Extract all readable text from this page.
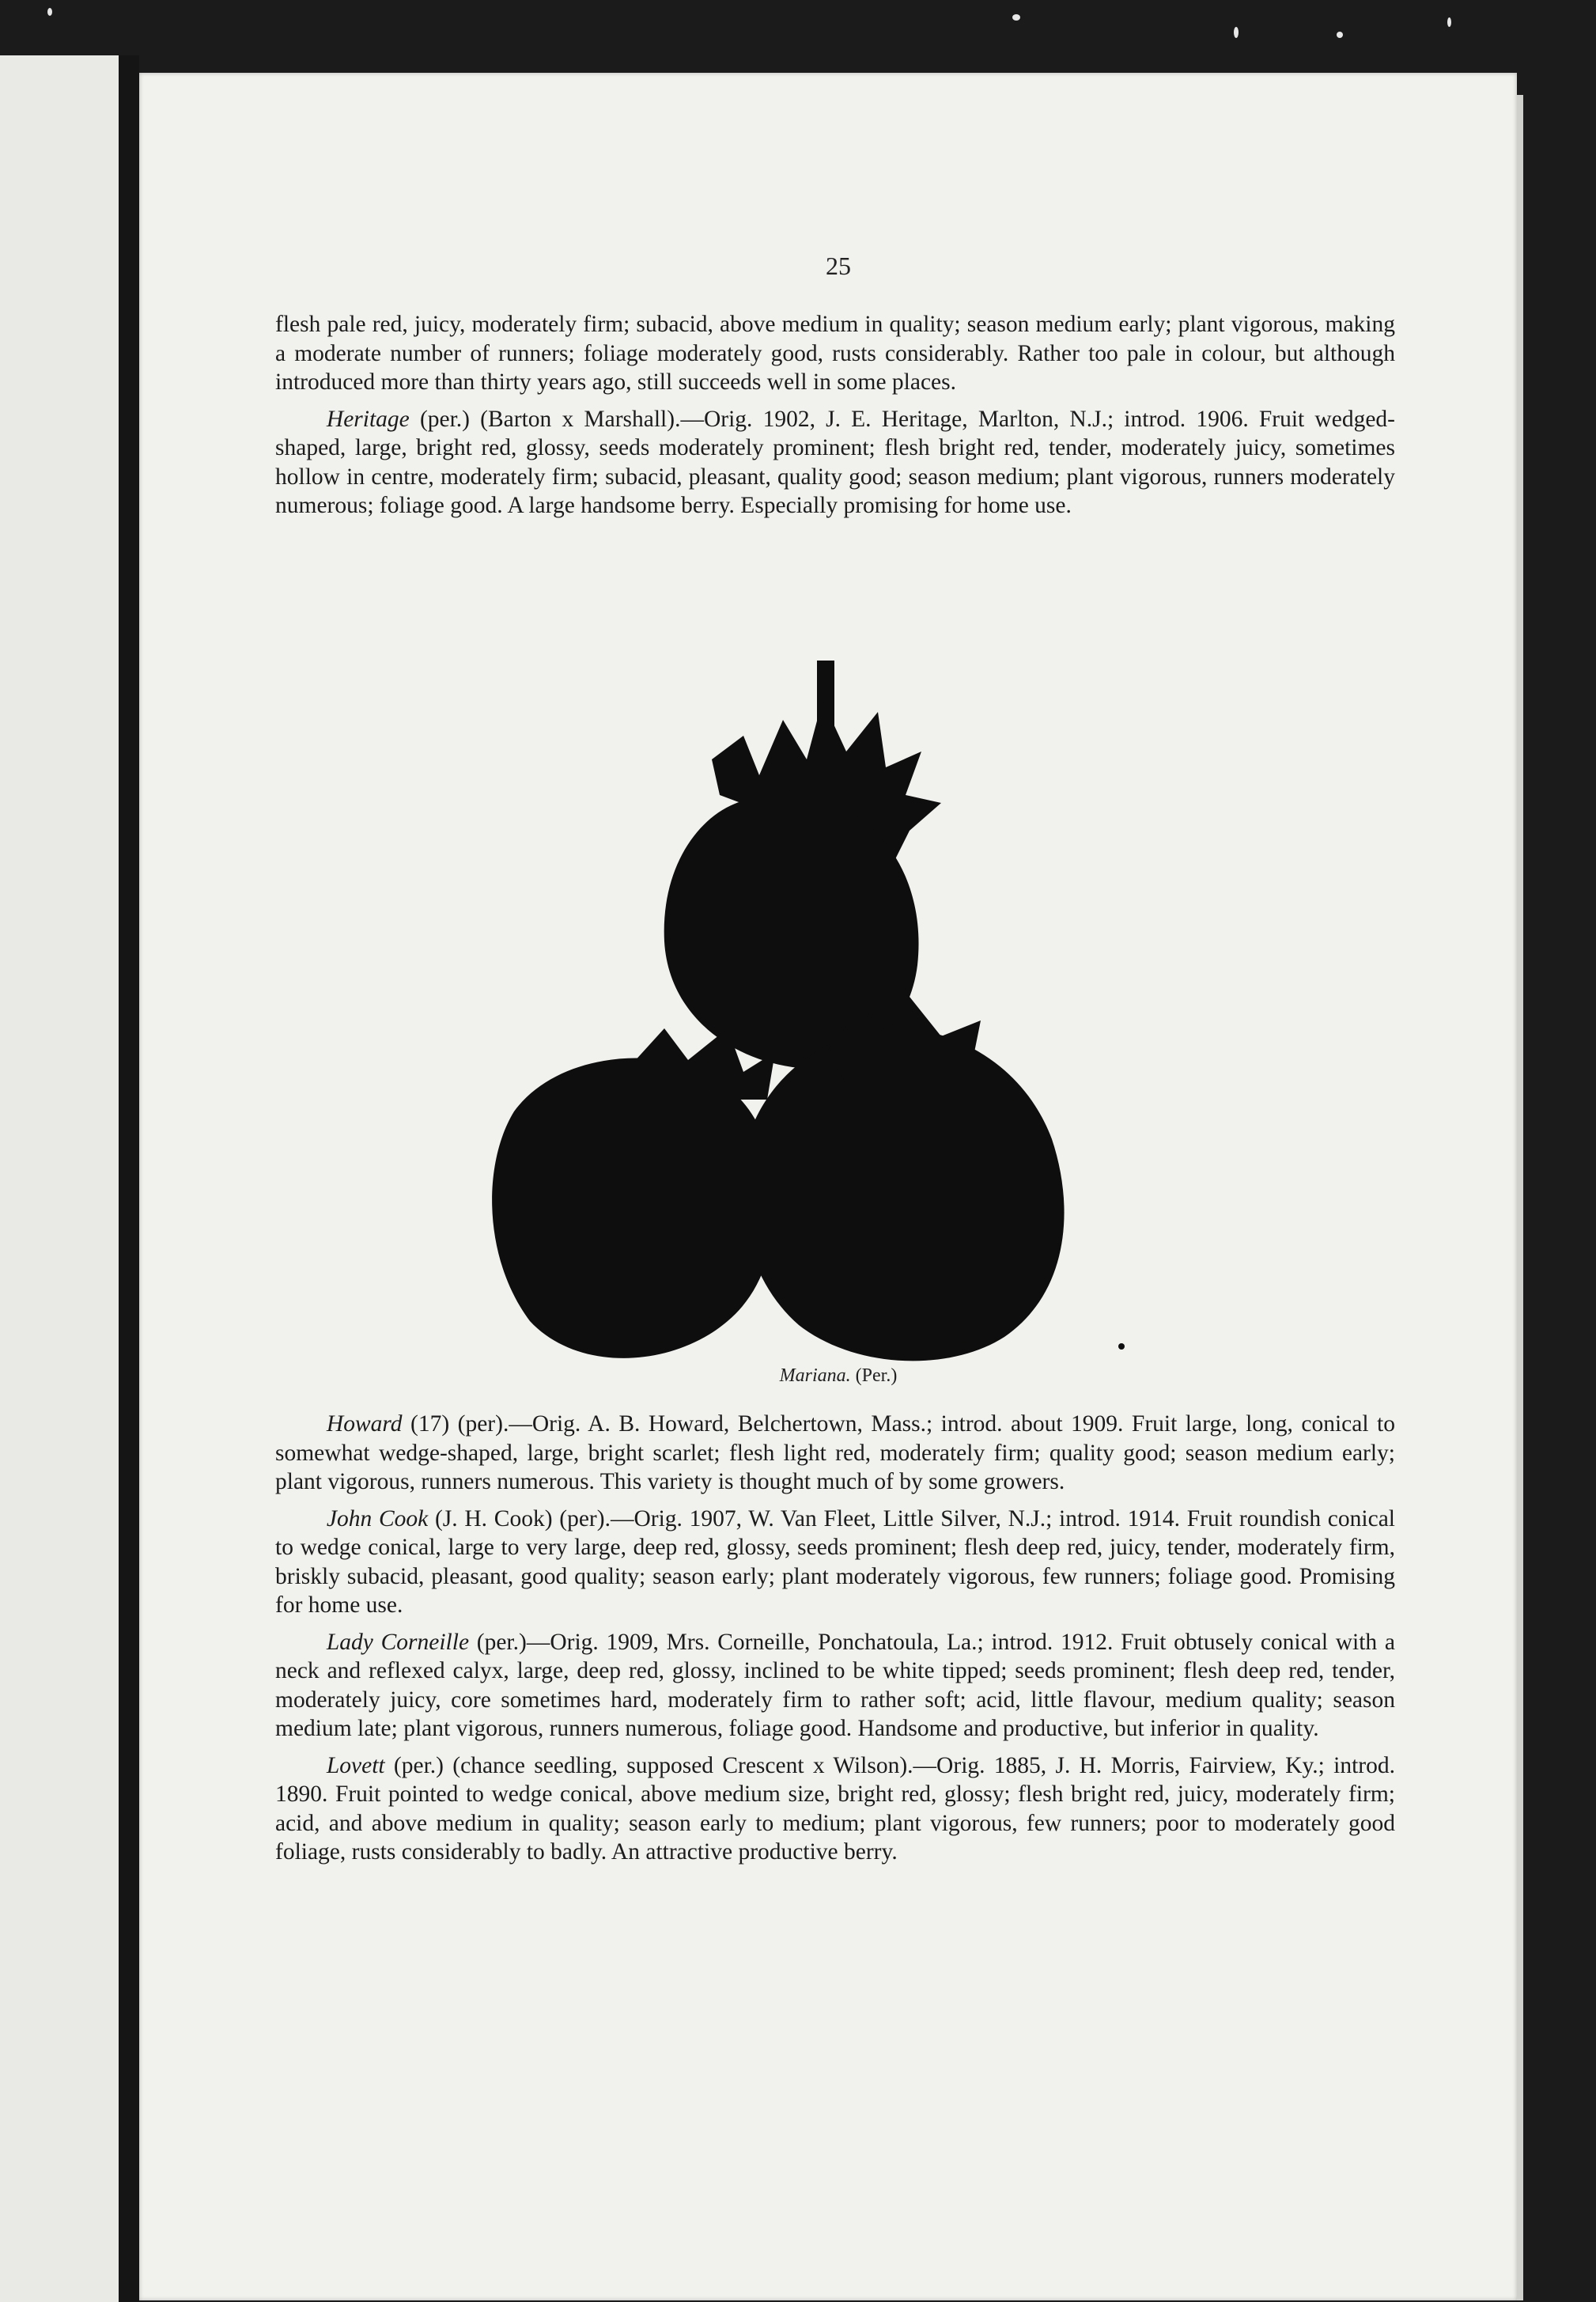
25

flesh pale red, juicy, moderately firm; subacid, above medium in quality; season medium early; plant vigorous, making a moderate number of runners; foliage moderately good, rusts considerably. Rather too pale in colour, but although introduced more than thirty years ago, still succeeds well in some places.

Heritage (per.) (Barton x Marshall).—Orig. 1902, J. E. Heritage, Marlton, N.J.; introd. 1906. Fruit wedged-shaped, large, bright red, glossy, seeds moderately prominent; flesh bright red, tender, moderately juicy, sometimes hollow in centre, moderately firm; subacid, pleasant, quality good; season medium; plant vigorous, runners moderately numerous; foliage good. A large handsome berry. Especially promising for home use.

Mariana. (Per.)

Howard (17) (per).—Orig. A. B. Howard, Belchertown, Mass.; introd. about 1909. Fruit large, long, conical to somewhat wedge-shaped, large, bright scarlet; flesh light red, moderately firm; quality good; season medium early; plant vigorous, runners numerous. This variety is thought much of by some growers.

John Cook (J. H. Cook) (per).—Orig. 1907, W. Van Fleet, Little Silver, N.J.; introd. 1914. Fruit roundish conical to wedge conical, large to very large, deep red, glossy, seeds prominent; flesh deep red, juicy, tender, moderately firm, briskly subacid, pleasant, good quality; season early; plant moderately vigorous, few runners; foliage good. Promising for home use.

Lady Corneille (per.)—Orig. 1909, Mrs. Corneille, Ponchatoula, La.; introd. 1912. Fruit obtusely conical with a neck and reflexed calyx, large, deep red, glossy, inclined to be white tipped; seeds prominent; flesh deep red, tender, moderately juicy, core sometimes hard, moderately firm to rather soft; acid, little flavour, medium quality; season medium late; plant vigorous, runners numerous, foliage good. Handsome and productive, but inferior in quality.

Lovett (per.) (chance seedling, supposed Crescent x Wilson).—Orig. 1885, J. H. Morris, Fairview, Ky.; introd. 1890. Fruit pointed to wedge conical, above medium size, bright red, glossy; flesh bright red, juicy, moderately firm; acid, and above medium in quality; season early to medium; plant vigorous, few runners; poor to moderately good foliage, rusts considerably to badly. An attractive productive berry.
